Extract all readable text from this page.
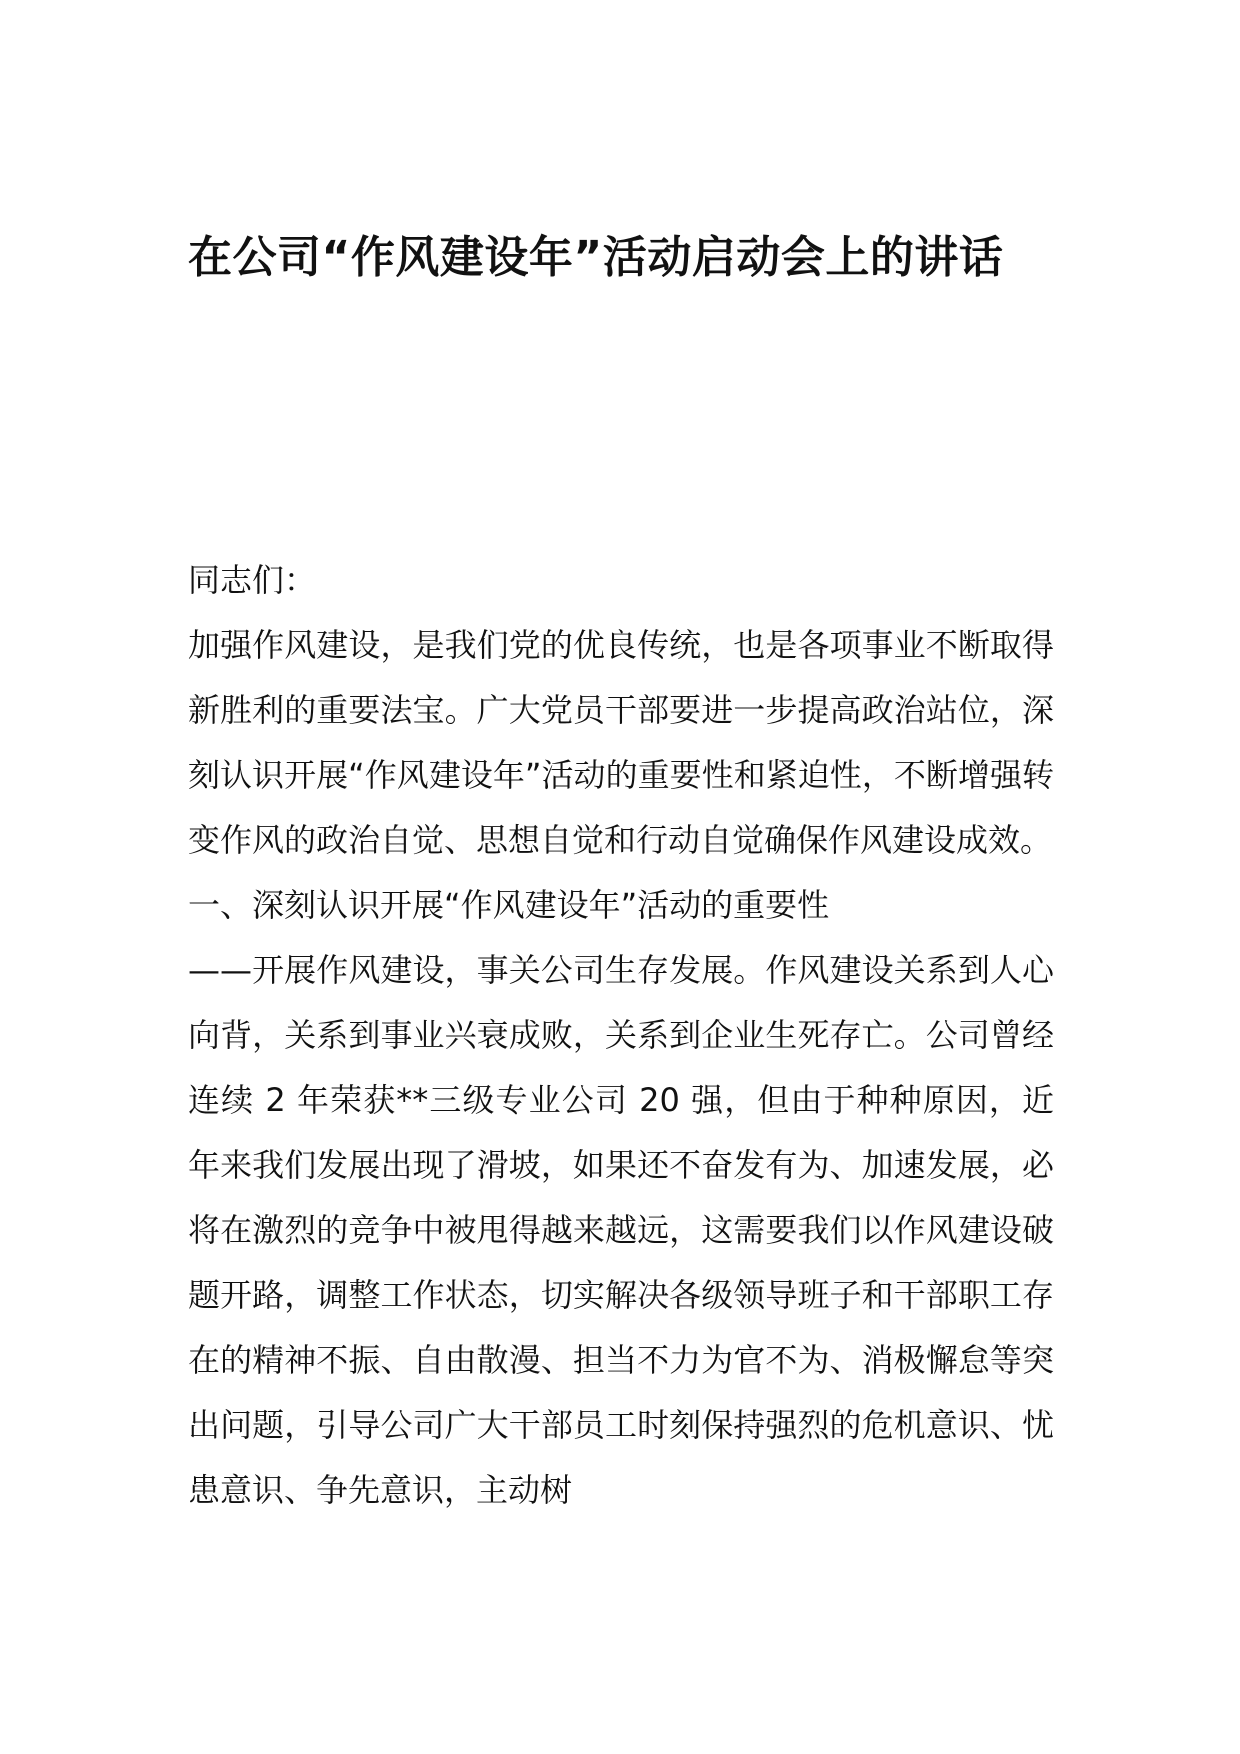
在公司“作风建设年”活动启动会上的讲话

同志们：

加强作风建设，是我们党的优良传统，也是各项事业不断取得新胜利的重要法宝。广大党员干部要进一步提高政治站位，深刻认识开展“作风建设年”活动的重要性和紧迫性，不断增强转变作风的政治自觉、思想自觉和行动自觉确保作风建设成效。

一、深刻认识开展“作风建设年”活动的重要性

——开展作风建设，事关公司生存发展。作风建设关系到人心向背，关系到事业兴衰成败，关系到企业生死存亡。公司曾经连续 2 年荣获**三级专业公司 20 强，但由于种种原因，近年来我们发展出现了滑坡，如果还不奋发有为、加速发展，必将在激烈的竞争中被甩得越来越远，这需要我们以作风建设破题开路，调整工作状态，切实解决各级领导班子和干部职工存在的精神不振、自由散漫、担当不力为官不为、消极懈怠等突出问题，引导公司广大干部员工时刻保持强烈的危机意识、忧患意识、争先意识，主动树
